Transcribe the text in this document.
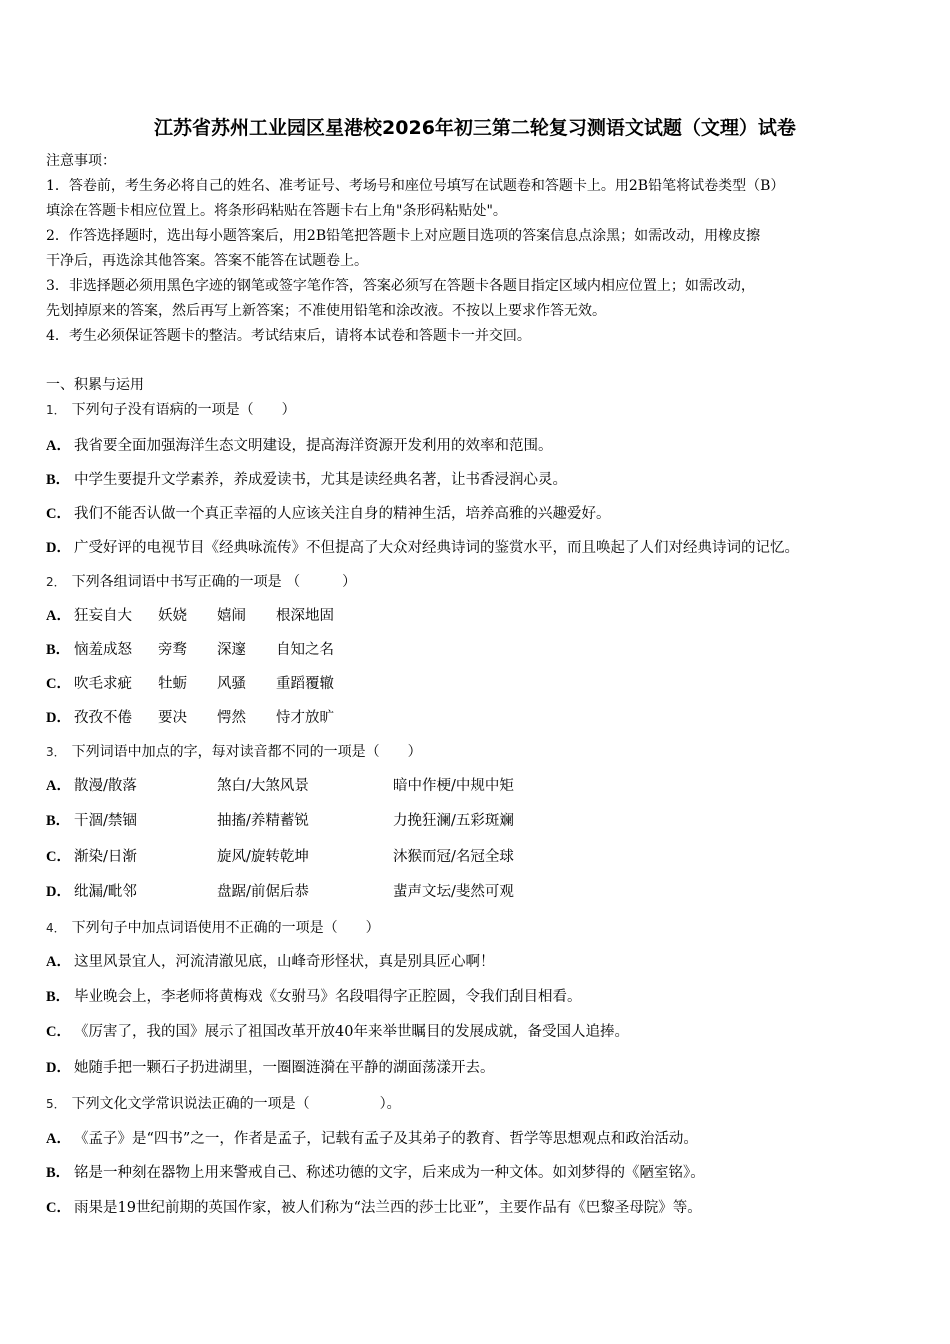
江苏省苏州工业园区星港校2026年初三第二轮复习测语文试题（文理）试卷
注意事项：
1．答卷前，考生务必将自己的姓名、准考证号、考场号和座位号填写在试题卷和答题卡上。用2B铅笔将试卷类型（B）
填涂在答题卡相应位置上。将条形码粘贴在答题卡右上角"条形码粘贴处"。
2．作答选择题时，选出每小题答案后，用2B铅笔把答题卡上对应题目选项的答案信息点涂黑；如需改动，用橡皮擦
干净后，再选涂其他答案。答案不能答在试题卷上。
3．非选择题必须用黑色字迹的钢笔或签字笔作答，答案必须写在答题卡各题目指定区域内相应位置上；如需改动，
先划掉原来的答案，然后再写上新答案；不准使用铅笔和涂改液。不按以上要求作答无效。
4．考生必须保证答题卡的整洁。考试结束后，请将本试卷和答题卡一并交回。
一、积累与运用
1． 下列句子没有语病的一项是（　　）
A． 我省要全面加强海洋生态文明建设，提高海洋资源开发利用的效率和范围。
B． 中学生要提升文学素养，养成爱读书，尤其是读经典名著，让书香浸润心灵。
C． 我们不能否认做一个真正幸福的人应该关注自身的精神生活，培养高雅的兴趣爱好。
D． 广受好评的电视节目《经典咏流传》不但提高了大众对经典诗词的鉴赏水平，而且唤起了人们对经典诗词的记忆。
2． 下列各组词语中书写正确的一项是 （　　　）
A． 狂妄自大 妖娆 嬉闹 根深地固
B． 恼羞成怒 旁骛 深邃 自知之名
C． 吹毛求疵 牡蛎 风骚 重蹈覆辙
D． 孜孜不倦 要决 愕然 恃才放旷
3． 下列词语中加点的字，每对读音都不同的一项是（　　）
A． 散漫/散落	煞白/大煞风景	暗中作梗/中规中矩
B． 干涸/禁锢	抽搐/养精蓄锐	力挽狂澜/五彩斑斓
C． 渐染/日渐	旋风/旋转乾坤	沐猴而冠/名冠全球
D． 纰漏/毗邻	盘踞/前倨后恭	蜚声文坛/斐然可观
4． 下列句子中加点词语使用不正确的一项是（　　）
A． 这里风景宜人，河流清澈见底，山峰奇形怪状，真是别具匠心啊！
B． 毕业晚会上，李老师将黄梅戏《女驸马》名段唱得字正腔圆，令我们刮目相看。
C． 《厉害了，我的国》展示了祖国改革开放40年来举世瞩目的发展成就，备受国人追捧。
D． 她随手把一颗石子扔进湖里，一圈圈涟漪在平静的湖面荡漾开去。
5． 下列文化文学常识说法正确的一项是（　　　　　）。
A． 《孟子》是“四书”之一，作者是孟子，记载有孟子及其弟子的教育、哲学等思想观点和政治活动。
B． 铭是一种刻在器物上用来警戒自己、称述功德的文字，后来成为一种文体。如刘梦得的《陋室铭》。
C． 雨果是19世纪前期的英国作家，被人们称为“法兰西的莎士比亚”，主要作品有《巴黎圣母院》等。
